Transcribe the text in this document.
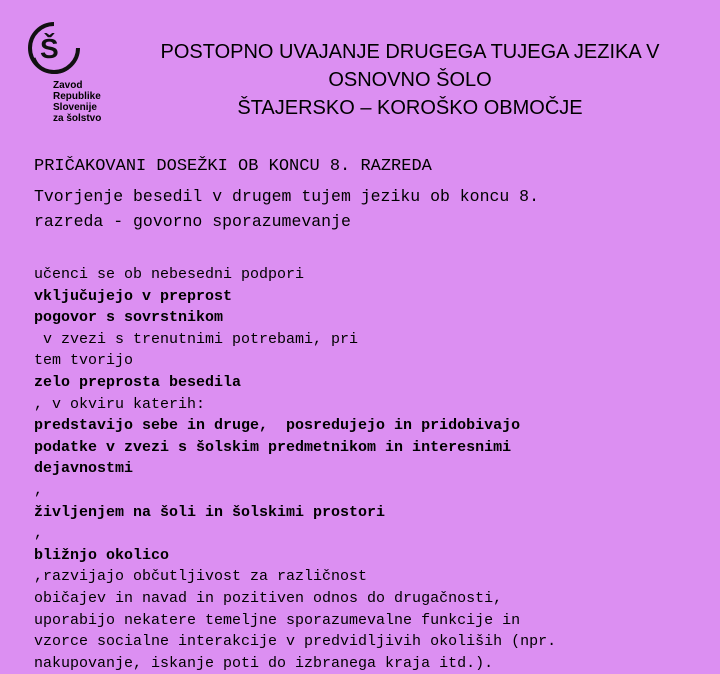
Š

Zavod
Republike
Slovenije
za šolstvo

POSTOPNO UVAJANJE DRUGEGA TUJEGA JEZIKA V
OSNOVNO ŠOLO
ŠTAJERSKO – KOROŠKO OBMOČJE
PRIČAKOVANI DOSEŽKI OB KONCU 8. RAZREDA

Tvorjenje besedil v drugem tujem jeziku ob koncu 8.
razreda - govorno sporazumevanje

učenci se ob nebesedni podpori
vključujejo v preprost
pogovor s sovrstnikom
v zvezi s trenutnimi potrebami, pri
tem tvorijo
zelo preprosta besedila
, v okviru katerih:
predstavijo sebe in druge,  posredujejo in pridobivajo
podatke v zvezi s šolskim predmetnikom in interesnimi
dejavnostmi
,
življenjem na šoli in šolskimi prostori
,
bližnjo okolico
,razvijajo občutljivost za različnost
običajev in navad in pozitiven odnos do drugačnosti,
uporabijo nekatere temeljne sporazumevalne funkcije in
vzorce socialne interakcije v predvidljivih okoliših (npr.
nakupovanje, iskanje poti do izbranega kraja itd.).
